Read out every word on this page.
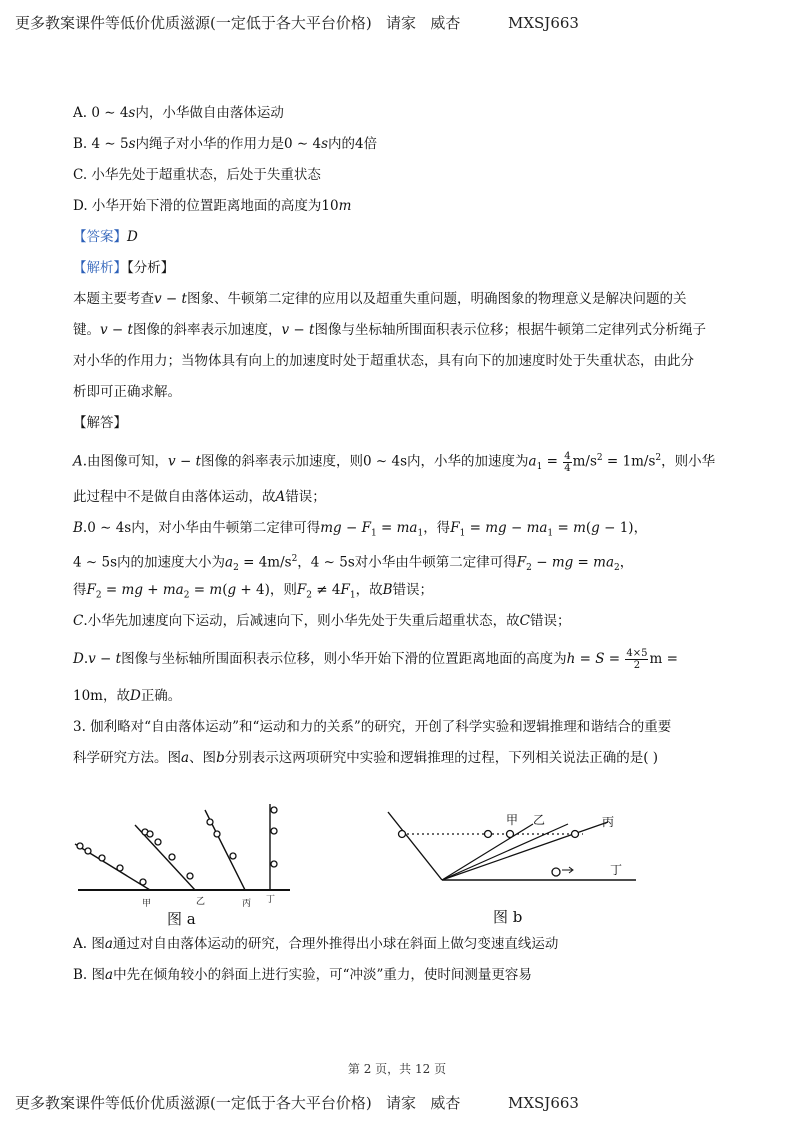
更多教案课件等低价优质滋源(一定低于各大平台价格)   请家   威杏          MXSJ663
A. 0 ∼ 4s内，小华做自由落体运动
B. 4 ∼ 5s内绳子对小华的作用力是0 ∼ 4s内的4倍
C. 小华先处于超重状态，后处于失重状态
D. 小华开始下滑的位置距离地面的高度为10m
【答案】D
【解析】【分析】
本题主要考查v − t图象、牛顿第二定律的应用以及超重失重问题，明确图象的物理意义是解决问题的关
键。v − t图像的斜率表示加速度，v − t图像与坐标轴所围面积表示位移；根据牛顿第二定律列式分析绳子
对小华的作用力；当物体具有向上的加速度时处于超重状态，具有向下的加速度时处于失重状态，由此分
析即可正确求解。
【解答】
A.由图像可知，v − t图像的斜率表示加速度，则0 ∼ 4s内，小华的加速度为$a_1 = \frac{4}{4} m/s^2 = 1m/s^2$，则小华
此过程中不是做自由落体运动，故A错误；
B.0 ∼ 4s内，对小华由牛顿第二定律可得mg − $F_1 = ma_1$，得$F_1$ = mg − $ma_1 = m(g - 1)$，
4 ∼ 5s内的加速度大小为$a_2 = 4m/s^2$，4 ∼ 5s对小华由牛顿第二定律可得$F_2$ − mg = $ma_2$，
得$F_2$ = mg + $ma_2 = m(g + 4)$，则$F_2 \ne 4F_1$，故B错误；
C.小华先加速度向下运动，后减速向下，则小华先处于失重后超重状态，故C错误；
D.v − t图像与坐标轴所围面积表示位移，则小华开始下滑的位置距离地面的高度为$h = S = \frac{4\times 5}{2}$ m =
10m，故D正确。
3. 伽利略对“自由落体运动”和“运动和力的关系”的研究，开创了科学实验和逻辑推理和谐结合的重要
科学研究方法。图a、图b分别表示这两项研究中实验和逻辑推理的过程，下列相关说法正确的是( )
甲	乙	丙 丁
图 a
甲 乙	丙
丁
图 b
A. 图a通过对自由落体运动的研究，合理外推得出小球在斜面上做匀变速直线运动
B. 图a中先在倾角较小的斜面上进行实验，可“冲淡”重力，使时间测量更容易
第 2 页，共 12 页
更多教案课件等低价优质滋源(一定低于各大平台价格)   请家   威杏          MXSJ663
